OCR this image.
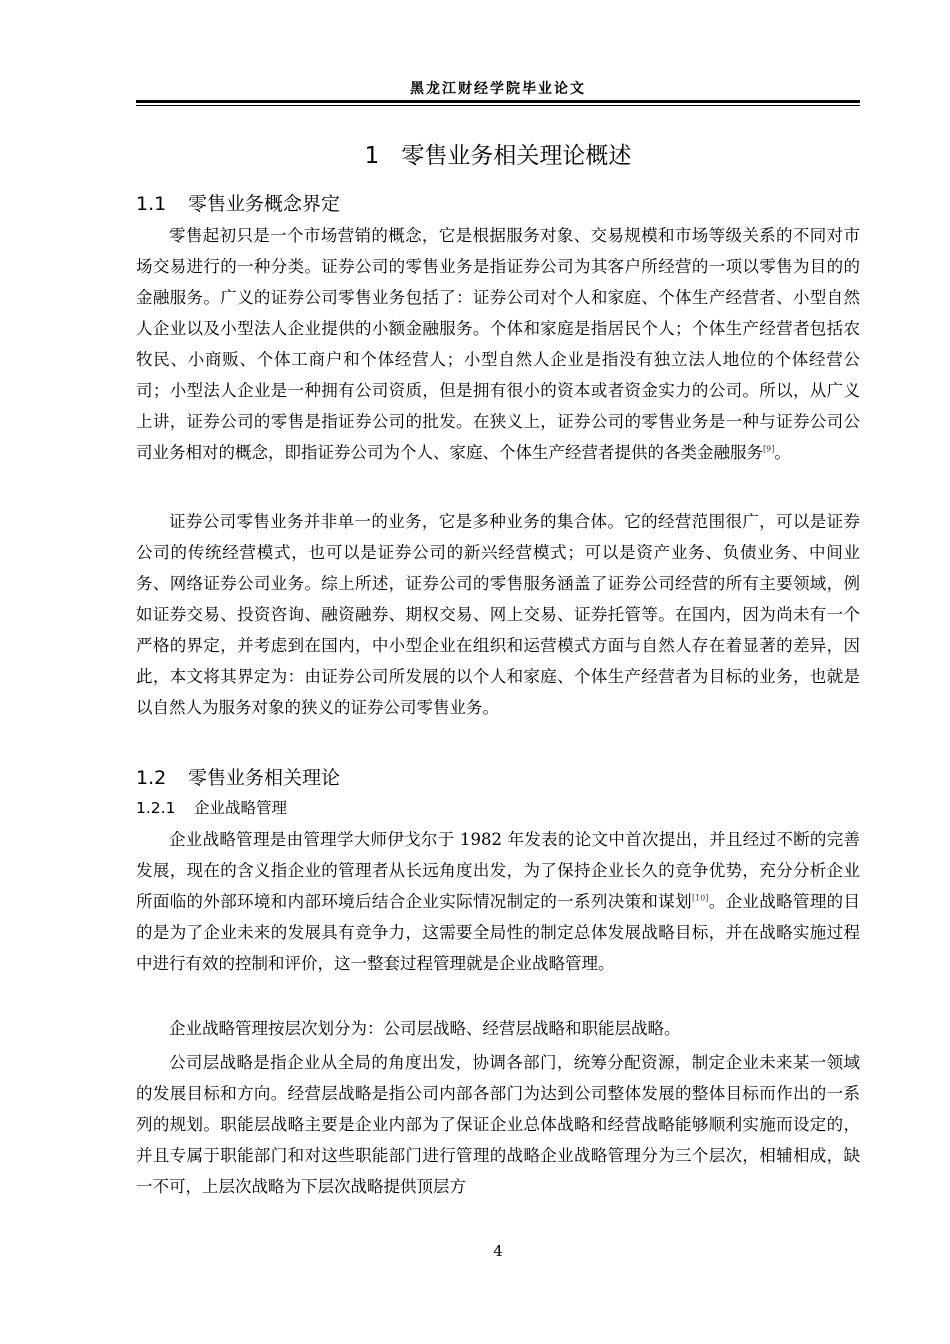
黑龙江财经学院毕业论文
1 零售业务相关理论概述
1.1 零售业务概念界定
零售起初只是一个市场营销的概念，它是根据服务对象、交易规模和市场等级关系的不同对市场交易进行的一种分类。证券公司的零售业务是指证券公司为其客户所经营的一项以零售为目的的金融服务。广义的证券公司零售业务包括了：证券公司对个人和家庭、个体生产经营者、小型自然人企业以及小型法人企业提供的小额金融服务。个体和家庭是指居民个人；个体生产经营者包括农牧民、小商贩、个体工商户和个体经营人；小型自然人企业是指没有独立法人地位的个体经营公司；小型法人企业是一种拥有公司资质，但是拥有很小的资本或者资金实力的公司。所以，从广义上讲，证券公司的零售是指证券公司的批发。在狭义上，证券公司的零售业务是一种与证券公司公司业务相对的概念，即指证券公司为个人、家庭、个体生产经营者提供的各类金融服务[9]。
证券公司零售业务并非单一的业务，它是多种业务的集合体。它的经营范围很广，可以是证券公司的传统经营模式，也可以是证券公司的新兴经营模式；可以是资产业务、负债业务、中间业务、网络证券公司业务。综上所述，证券公司的零售服务涵盖了证券公司经营的所有主要领域，例如证券交易、投资咨询、融资融券、期权交易、网上交易、证券托管等。在国内，因为尚未有一个严格的界定，并考虑到在国内，中小型企业在组织和运营模式方面与自然人存在着显著的差异，因此，本文将其界定为：由证券公司所发展的以个人和家庭、个体生产经营者为目标的业务，也就是以自然人为服务对象的狭义的证券公司零售业务。
1.2 零售业务相关理论
1.2.1 企业战略管理
企业战略管理是由管理学大师伊戈尔于 1982 年发表的论文中首次提出，并且经过不断的完善发展，现在的含义指企业的管理者从长远角度出发，为了保持企业长久的竞争优势，充分分析企业所面临的外部环境和内部环境后结合企业实际情况制定的一系列决策和谋划[10]。企业战略管理的目的是为了企业未来的发展具有竞争力，这需要全局性的制定总体发展战略目标，并在战略实施过程中进行有效的控制和评价，这一整套过程管理就是企业战略管理。
企业战略管理按层次划分为：公司层战略、经营层战略和职能层战略。
公司层战略是指企业从全局的角度出发，协调各部门，统筹分配资源，制定企业未来某一领域的发展目标和方向。经营层战略是指公司内部各部门为达到公司整体发展的整体目标而作出的一系列的规划。职能层战略主要是企业内部为了保证企业总体战略和经营战略能够顺利实施而设定的，并且专属于职能部门和对这些职能部门进行管理的战略企业战略管理分为三个层次，相辅相成，缺一不可，上层次战略为下层次战略提供顶层方
4
